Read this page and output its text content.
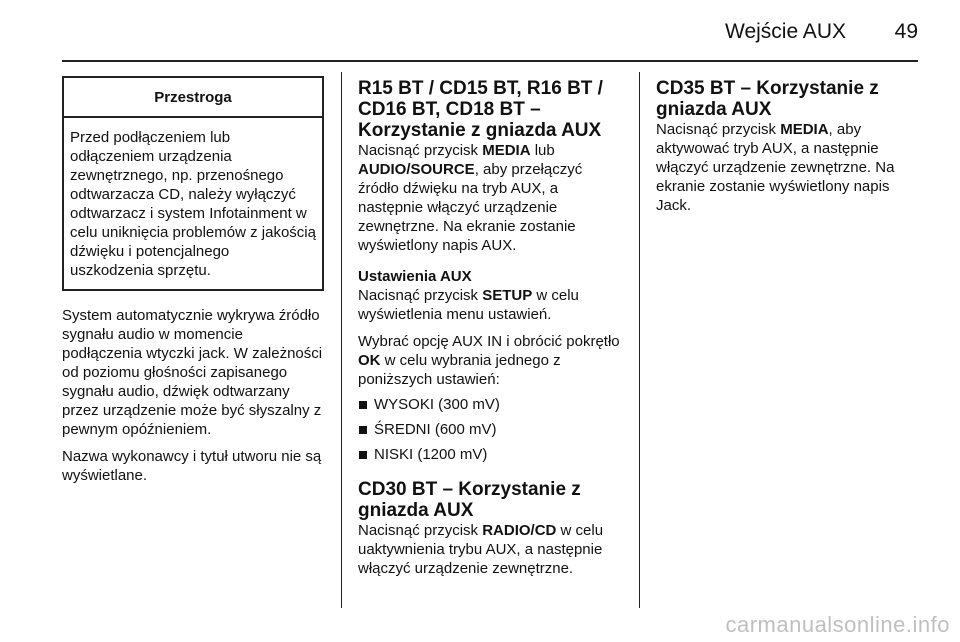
Wejście AUX 49
Przestroga
Przed podłączeniem lub odłączeniem urządzenia zewnętrznego, np. przenośnego odtwarzacza CD, należy wyłączyć odtwarzacz i system Infotainment w celu uniknięcia problemów z jakością dźwięku i potencjalnego uszkodzenia sprzętu.

System automatycznie wykrywa źródło sygnału audio w momencie podłączenia wtyczki jack. W zależności od poziomu głośności zapisanego sygnału audio, dźwięk odtwarzany przez urządzenie może być słyszalny z pewnym opóźnieniem.

Nazwa wykonawcy i tytuł utworu nie są wyświetlane.

R15 BT / CD15 BT, R16 BT / CD16 BT, CD18 BT – Korzystanie z gniazda AUX

Nacisnąć przycisk MEDIA lub AUDIO/SOURCE, aby przełączyć źródło dźwięku na tryb AUX, a następnie włączyć urządzenie zewnętrzne. Na ekranie zostanie wyświetlony napis AUX.

Ustawienia AUX

Nacisnąć przycisk SETUP w celu wyświetlenia menu ustawień.

Wybrać opcję AUX IN i obrócić pokrętło OK w celu wybrania jednego z poniższych ustawień:

WYSOKI (300 mV)
ŚREDNI (600 mV)
NISKI (1200 mV)
CD30 BT – Korzystanie z gniazda AUX

Nacisnąć przycisk RADIO/CD w celu uaktywnienia trybu AUX, a następnie włączyć urządzenie zewnętrzne.

CD35 BT – Korzystanie z gniazda AUX

Nacisnąć przycisk MEDIA, aby aktywować tryb AUX, a następnie włączyć urządzenie zewnętrzne. Na ekranie zostanie wyświetlony napis Jack.

carmanualsonline.info
